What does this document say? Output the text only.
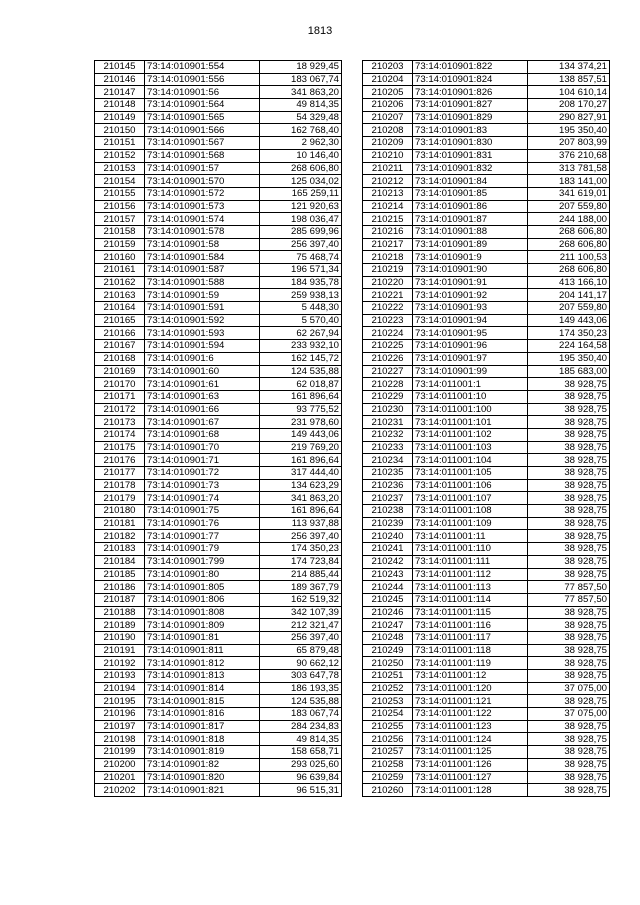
1813
210145	73:14:010901:554	18 929,45
210146	73:14:010901:556	183 067,74
210147	73:14:010901:56	341 863,20
210148	73:14:010901:564	49 814,35
210149	73:14:010901:565	54 329,48
210150	73:14:010901:566	162 768,40
210151	73:14:010901:567	2 962,30
210152	73:14:010901:568	10 146,40
210153	73:14:010901:57	268 606,80
210154	73:14:010901:570	125 034,02
210155	73:14:010901:572	165 259,11
210156	73:14:010901:573	121 920,63
210157	73:14:010901:574	198 036,47
210158	73:14:010901:578	285 699,96
210159	73:14:010901:58	256 397,40
210160	73:14:010901:584	75 468,74
210161	73:14:010901:587	196 571,34
210162	73:14:010901:588	184 935,78
210163	73:14:010901:59	259 938,13
210164	73:14:010901:591	5 448,30
210165	73:14:010901:592	5 570,40
210166	73:14:010901:593	62 267,94
210167	73:14:010901:594	233 932,10
210168	73:14:010901:6	162 145,72
210169	73:14:010901:60	124 535,88
210170	73:14:010901:61	62 018,87
210171	73:14:010901:63	161 896,64
210172	73:14:010901:66	93 775,52
210173	73:14:010901:67	231 978,60
210174	73:14:010901:68	149 443,06
210175	73:14:010901:70	219 769,20
210176	73:14:010901:71	161 896,64
210177	73:14:010901:72	317 444,40
210178	73:14:010901:73	134 623,29
210179	73:14:010901:74	341 863,20
210180	73:14:010901:75	161 896,64
210181	73:14:010901:76	113 937,88
210182	73:14:010901:77	256 397,40
210183	73:14:010901:79	174 350,23
210184	73:14:010901:799	174 723,84
210185	73:14:010901:80	214 885,44
210186	73:14:010901:805	189 367,79
210187	73:14:010901:806	162 519,32
210188	73:14:010901:808	342 107,39
210189	73:14:010901:809	212 321,47
210190	73:14:010901:81	256 397,40
210191	73:14:010901:811	65 879,48
210192	73:14:010901:812	90 662,12
210193	73:14:010901:813	303 647,78
210194	73:14:010901:814	186 193,35
210195	73:14:010901:815	124 535,88
210196	73:14:010901:816	183 067,74
210197	73:14:010901:817	284 234,83
210198	73:14:010901:818	49 814,35
210199	73:14:010901:819	158 658,71
210200	73:14:010901:82	293 025,60
210201	73:14:010901:820	96 639,84
210202	73:14:010901:821	96 515,31
210203	73:14:010901:822	134 374,21
210204	73:14:010901:824	138 857,51
210205	73:14:010901:826	104 610,14
210206	73:14:010901:827	208 170,27
210207	73:14:010901:829	290 827,91
210208	73:14:010901:83	195 350,40
210209	73:14:010901:830	207 803,99
210210	73:14:010901:831	376 210,68
210211	73:14:010901:832	313 781,58
210212	73:14:010901:84	183 141,00
210213	73:14:010901:85	341 619,01
210214	73:14:010901:86	207 559,80
210215	73:14:010901:87	244 188,00
210216	73:14:010901:88	268 606,80
210217	73:14:010901:89	268 606,80
210218	73:14:010901:9	211 100,53
210219	73:14:010901:90	268 606,80
210220	73:14:010901:91	413 166,10
210221	73:14:010901:92	204 141,17
210222	73:14:010901:93	207 559,80
210223	73:14:010901:94	149 443,06
210224	73:14:010901:95	174 350,23
210225	73:14:010901:96	224 164,58
210226	73:14:010901:97	195 350,40
210227	73:14:010901:99	185 683,00
210228	73:14:011001:1	38 928,75
210229	73:14:011001:10	38 928,75
210230	73:14:011001:100	38 928,75
210231	73:14:011001:101	38 928,75
210232	73:14:011001:102	38 928,75
210233	73:14:011001:103	38 928,75
210234	73:14:011001:104	38 928,75
210235	73:14:011001:105	38 928,75
210236	73:14:011001:106	38 928,75
210237	73:14:011001:107	38 928,75
210238	73:14:011001:108	38 928,75
210239	73:14:011001:109	38 928,75
210240	73:14:011001:11	38 928,75
210241	73:14:011001:110	38 928,75
210242	73:14:011001:111	38 928,75
210243	73:14:011001:112	38 928,75
210244	73:14:011001:113	77 857,50
210245	73:14:011001:114	77 857,50
210246	73:14:011001:115	38 928,75
210247	73:14:011001:116	38 928,75
210248	73:14:011001:117	38 928,75
210249	73:14:011001:118	38 928,75
210250	73:14:011001:119	38 928,75
210251	73:14:011001:12	38 928,75
210252	73:14:011001:120	37 075,00
210253	73:14:011001:121	38 928,75
210254	73:14:011001:122	37 075,00
210255	73:14:011001:123	38 928,75
210256	73:14:011001:124	38 928,75
210257	73:14:011001:125	38 928,75
210258	73:14:011001:126	38 928,75
210259	73:14:011001:127	38 928,75
210260	73:14:011001:128	38 928,75
